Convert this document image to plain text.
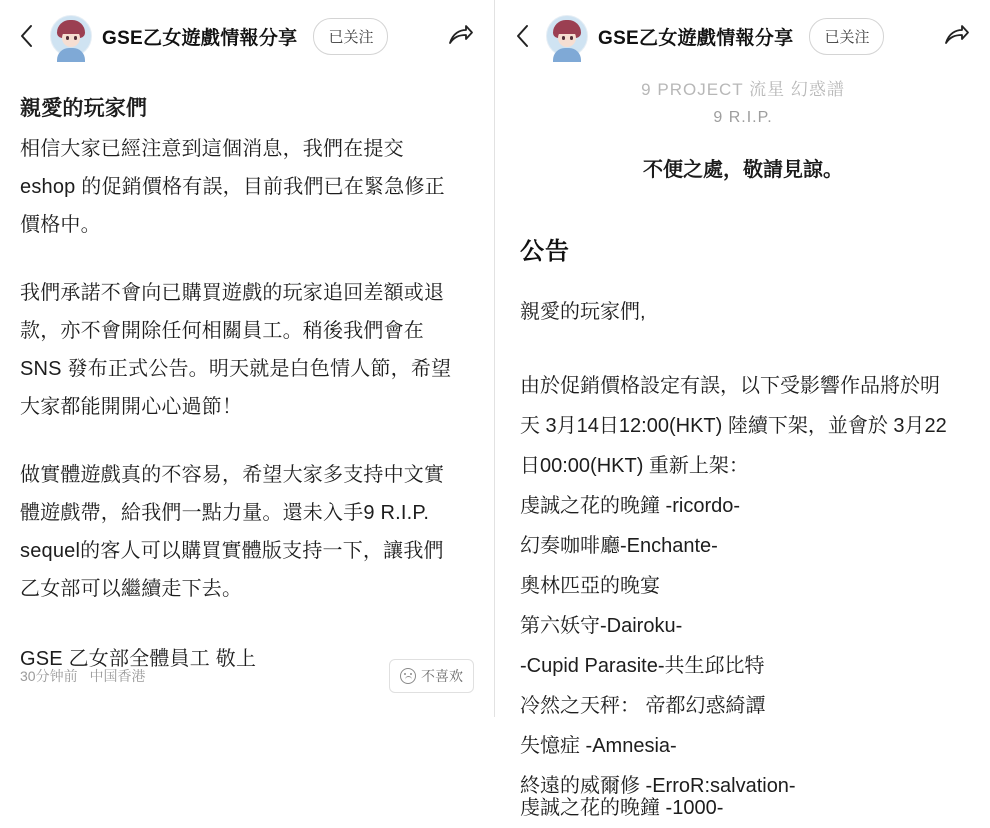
GSE乙女遊戲情報分享	已关注
親愛的玩家們

相信大家已經注意到這個消息，我們在提交

eshop 的促銷價格有誤，目前我們已在緊急修正

價格中。

我們承諾不會向已購買遊戲的玩家追回差額或退

款，亦不會開除任何相關員工。稍後我們會在

SNS 發布正式公告。明天就是白色情人節，希望

大家都能開開心心過節！

做實體遊戲真的不容易，希望大家多支持中文實

體遊戲帶，給我們一點力量。還未入手9 R.I.P.

sequel的客人可以購買實體版支持一下，讓我們

乙女部可以繼續走下去。

GSE 乙女部全體員工 敬上
30分钟前 中国香港	不喜欢
GSE乙女遊戲情報分享	已关注
9 PROJECT 流星 幻惑譜
9 R.I.P.
不便之處，敬請見諒。
公告
親愛的玩家們,
由於促銷價格設定有誤，以下受影響作品將於明
天 3月14日12:00(HKT) 陸續下架，並會於 3月22
日00:00(HKT) 重新上架：
虔誠之花的晚鐘 -ricordo-
幻奏咖啡廳-Enchante-
奧林匹亞的晚宴
第六妖守-Dairoku-
-Cupid Parasite-共生邱比特
冷然之天秤： 帝都幻惑綺譚
失憶症 -Amnesia-
終遠的威爾修 -ErroR:salvation-
虔誠之花的晚鐘 -1000-
